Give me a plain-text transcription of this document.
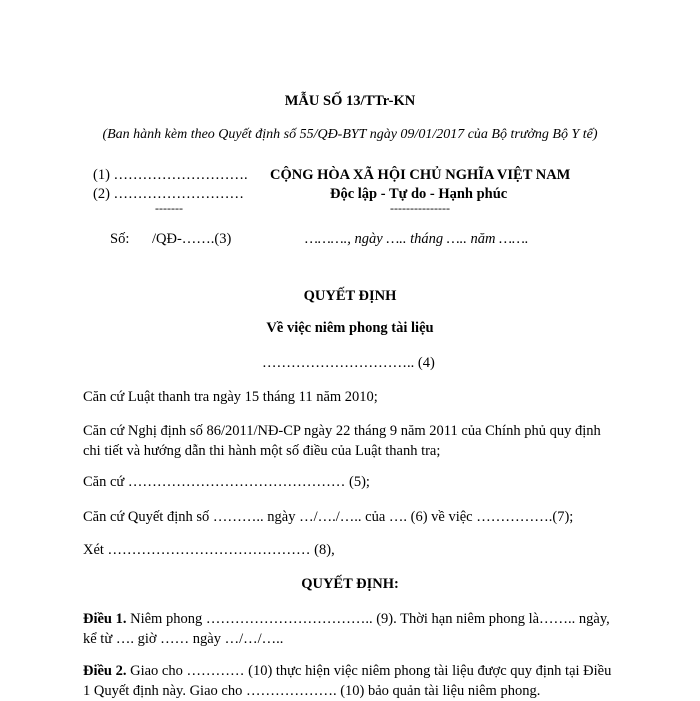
MẪU SỐ 13/TTr-KN
(Ban hành kèm theo Quyết định số 55/QĐ-BYT ngày 09/01/2017 của Bộ trưởng Bộ Y tế)
(1) ……………………….
(2) ………………………
-------
CỘNG HÒA XÃ HỘI CHỦ NGHĨA VIỆT NAM
Độc lập - Tự do - Hạnh phúc
---------------
Số: /QĐ-…….(3)	………., ngày ….. tháng ….. năm …….
QUYẾT ĐỊNH
Về việc niêm phong tài liệu
………………………….. (4)
Căn cứ Luật thanh tra ngày 15 tháng 11 năm 2010;
Căn cứ Nghị định số 86/2011/NĐ-CP ngày 22 tháng 9 năm 2011 của Chính phủ quy định chi tiết và hướng dẫn thi hành một số điều của Luật thanh tra;
Căn cứ ……………………………………… (5);
Căn cứ Quyết định số ……….. ngày …/…./….. của …. (6) về việc …………….(7);
Xét …………………………………… (8),
QUYẾT ĐỊNH:
Điều 1. Niêm phong …………………………….. (9). Thời hạn niêm phong là…….. ngày, kể từ …. giờ …… ngày …/…/…..
Điều 2. Giao cho ………… (10) thực hiện việc niêm phong tài liệu được quy định tại Điều 1 Quyết định này. Giao cho ………………. (10) bảo quản tài liệu niêm phong.
